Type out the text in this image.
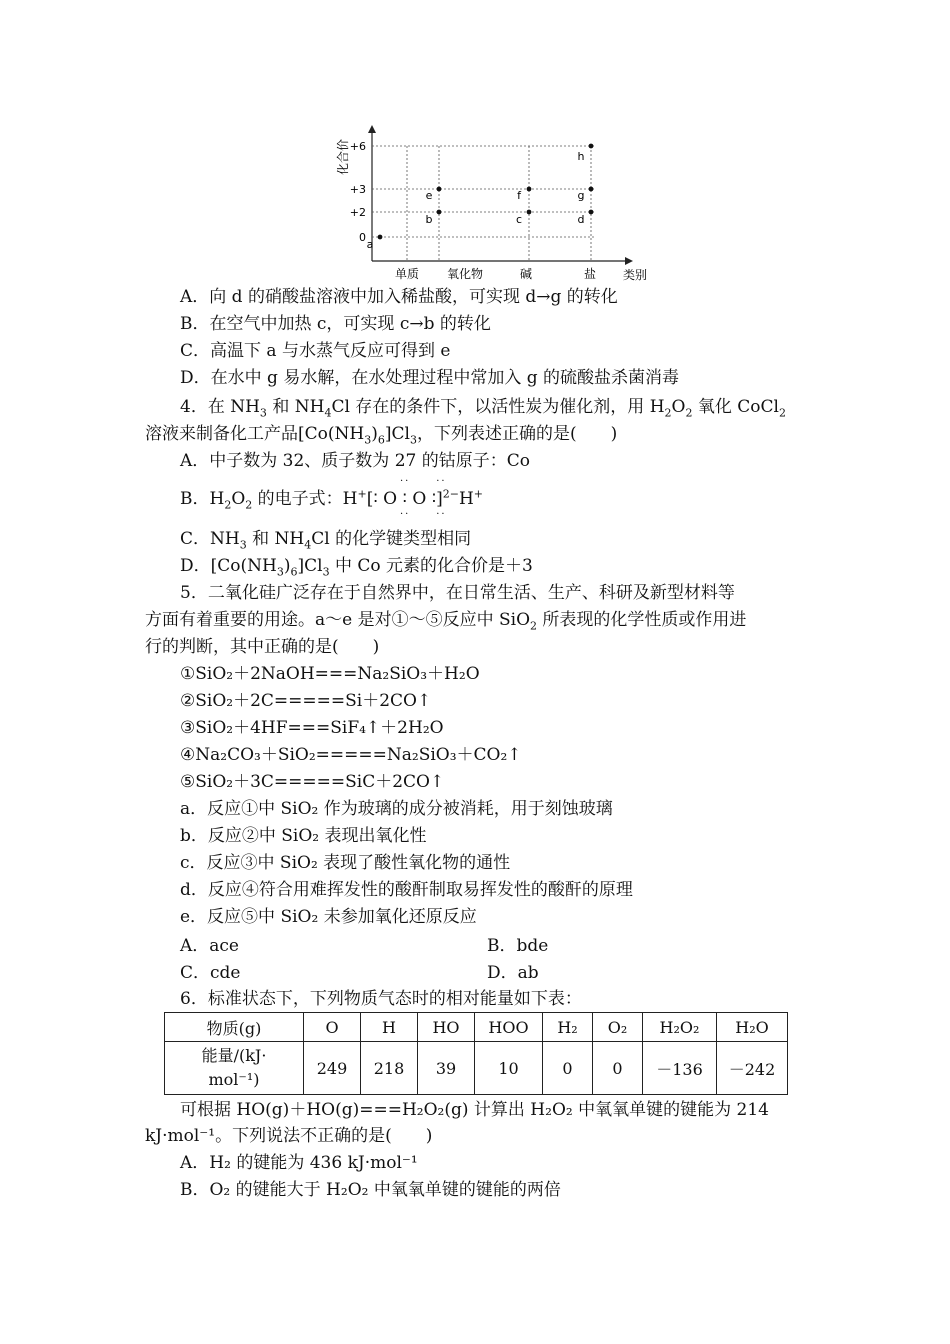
化合价
类别
+6
+3
+2
0
单质 氧化物	碱	盐
a
b
e
c
f
d
g
h
A．向 d 的硝酸盐溶液中加入稀盐酸，可实现 d→g 的转化
B．在空气中加热 c，可实现 c→b 的转化
C．高温下 a 与水蒸气反应可得到 e
D．在水中 g 易水解，在水处理过程中常加入 g 的硫酸盐杀菌消毒
4．在 $NH_3$ 和 $NH_4Cl$ 存在的条件下，以活性炭为催化剂，用 $H_2O_2$ 氧化 CoCl$_2$
溶液来制备化工产品$[Co(NH_3)_6]Cl_3$，下列表述正确的是(　　)
A．中子数为 32、质子数为 27 的钴原子：Co
··     ··
B．$H_2O_2$ 的电子式：H+[∶ O ∶ O ∶]$^{2-}$H+
··     ··
C．$NH_3$ 和 $NH_4Cl$ 的化学键类型相同
D．$[Co(NH_3)_6]Cl_3$ 中 Co 元素的化合价是＋3
5．二氧化硅广泛存在于自然界中，在日常生活、生产、科研及新型材料等
方面有着重要的用途。a～e 是对①～⑤反应中 SiO$_2$ 所表现的化学性质或作用进
行的判断，其中正确的是(　　)
①SiO₂＋2NaOH===Na₂SiO₃＋H₂O
②SiO₂＋2C=====Si＋2CO↑
③SiO₂＋4HF===SiF₄↑＋2H₂O
④Na₂CO₃＋SiO₂=====Na₂SiO₃＋CO₂↑
⑤SiO₂＋3C=====SiC＋2CO↑
a．反应①中 SiO₂ 作为玻璃的成分被消耗，用于刻蚀玻璃
b．反应②中 SiO₂ 表现出氧化性
c．反应③中 SiO₂ 表现了酸性氧化物的通性
d．反应④符合用难挥发性的酸酐制取易挥发性的酸酐的原理
e．反应⑤中 SiO₂ 未参加氧化还原反应
A．ace	B．bde
C．cde	D．ab
6．标准状态下，下列物质气态时的相对能量如下表：
物质(g)	O	H	HO	HOO	H₂	O₂	H₂O₂	H₂O
能量/(kJ·
mol⁻¹)	249	218	39	10	0	0	－136	－242
可根据 HO(g)＋HO(g)===H₂O₂(g) 计算出 H₂O₂ 中氧氧单键的键能为 214
kJ·mol⁻¹。下列说法不正确的是(　　)
A．H₂ 的键能为 436 kJ·mol⁻¹
B．O₂ 的键能大于 H₂O₂ 中氧氧单键的键能的两倍
